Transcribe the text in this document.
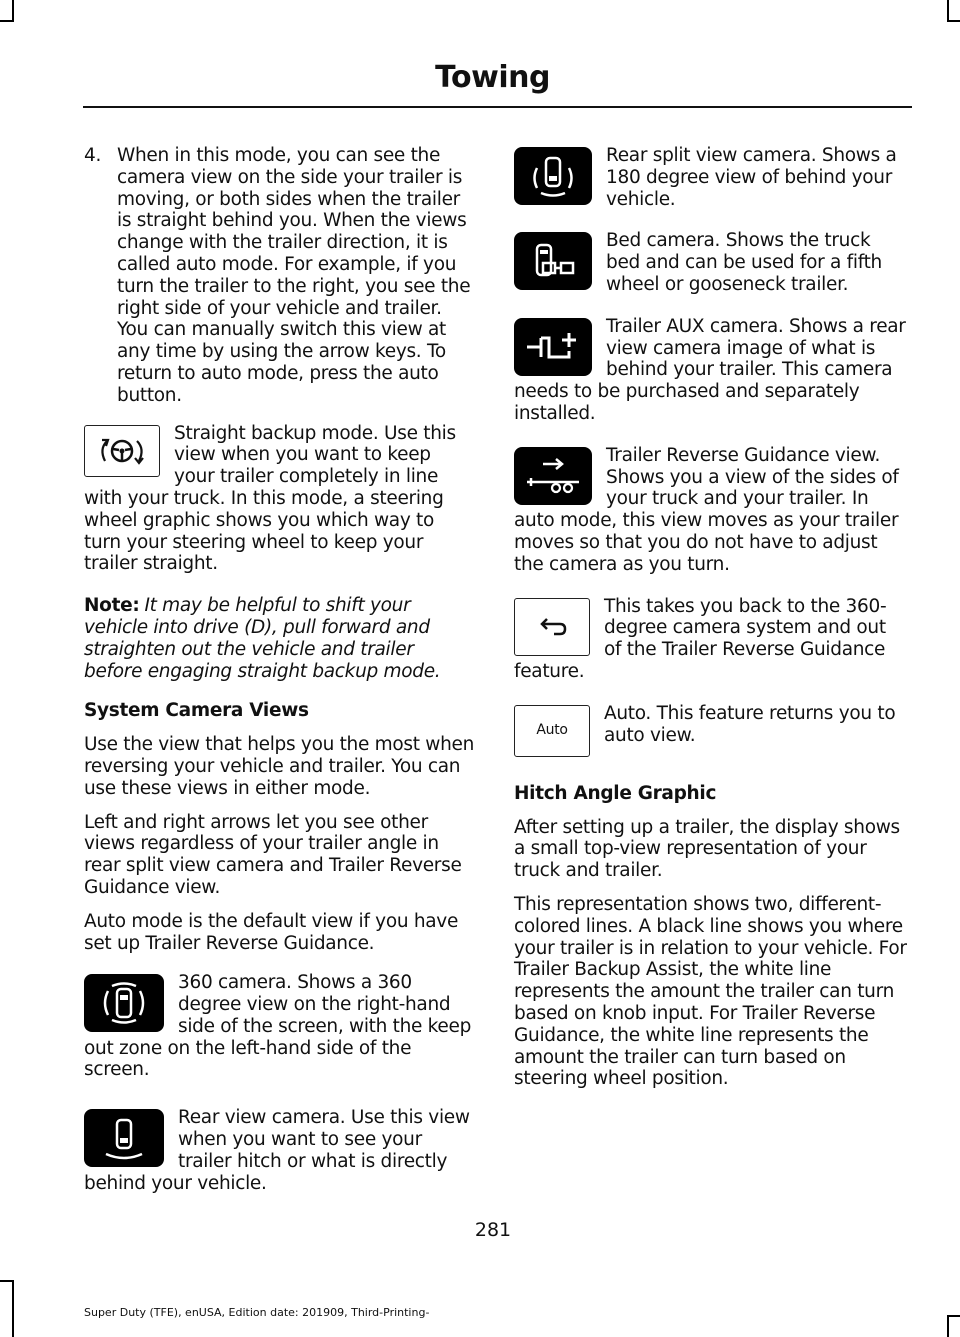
Towing
4. When in this mode, you can see the camera view on the side your trailer is moving, or both sides when the trailer is straight behind you. When the views change with the trailer direction, it is called auto mode. For example, if you turn the trailer to the right, you see the right side of your vehicle and trailer. You can manually switch this view at any time by using the arrow keys. To return to auto mode, press the auto button.
Straight backup mode. Use this view when you want to keep your trailer completely in line with your truck. In this mode, a steering wheel graphic shows you which way to turn your steering wheel to keep your trailer straight.

Note: It may be helpful to shift your vehicle into drive (D), pull forward and straighten out the vehicle and trailer before engaging straight backup mode.

System Camera Views

Use the view that helps you the most when reversing your vehicle and trailer. You can use these views in either mode.

Left and right arrows let you see other views regardless of your trailer angle in rear split view camera and Trailer Reverse Guidance view.

Auto mode is the default view if you have set up Trailer Reverse Guidance.

360 camera. Shows a 360 degree view on the right-hand side of the screen, with the keep out zone on the left-hand side of the screen.
Rear view camera. Use this view when you want to see your trailer hitch or what is directly behind your vehicle.
Rear split view camera. Shows a 180 degree view of behind your vehicle.
Bed camera. Shows the truck bed and can be used for a fifth wheel or gooseneck trailer.
Trailer AUX camera. Shows a rear view camera image of what is behind your trailer. This camera needs to be purchased and separately installed.
Trailer Reverse Guidance view. Shows you a view of the sides of your truck and your trailer. In auto mode, this view moves as your trailer moves so that you do not have to adjust the camera as you turn.
This takes you back to the 360-degree camera system and out of the Trailer Reverse Guidance feature.
Auto
Auto. This feature returns you to auto view.
Hitch Angle Graphic

After setting up a trailer, the display shows a small top-view representation of your truck and trailer.

This representation shows two, different-colored lines. A black line shows you where your trailer is in relation to your vehicle. For Trailer Backup Assist, the white line represents the amount the trailer can turn based on knob input. For Trailer Reverse Guidance, the white line represents the amount the trailer can turn based on steering wheel position.

281
Super Duty (TFE), enUSA, Edition date: 201909, Third-Printing-
